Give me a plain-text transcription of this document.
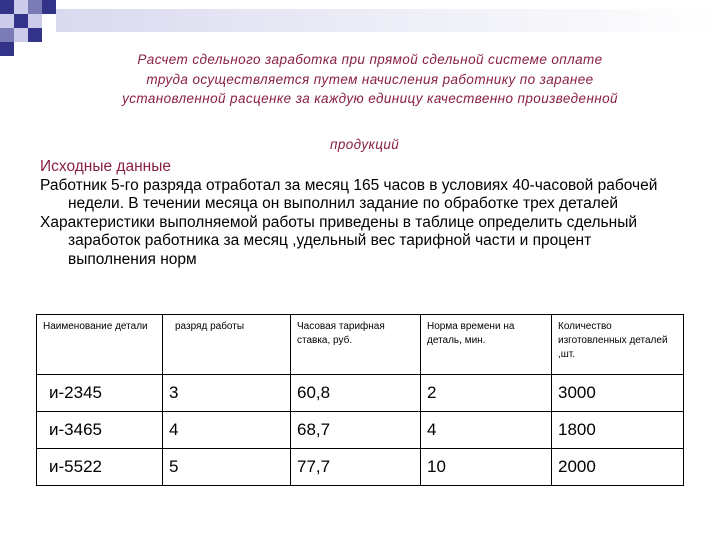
Расчет сдельного заработка при прямой сдельной системе оплате
труда осуществляется путем начисления работнику по заранее
установленной расценке за каждую единицу качественно произведенной
продукций
Исходные данные
Работник 5-го разряда отработал за месяц 165 часов в условиях 40-часовой рабочей недели. В течении месяца он выполнил задание по обработке трех деталей
Характеристики выполняемой работы приведены в таблице определить сдельный заработок работника за месяц ,удельный вес тарифной части и процент выполнения норм
Наименование детали	разряд работы	Часовая тарифная ставка, руб.	Норма времени на деталь, мин.	Количество изготовленных деталей ,шт.
и-2345	3	60,8	2	3000
и-3465	4	68,7	4	1800
и-5522	5	77,7	10	2000
